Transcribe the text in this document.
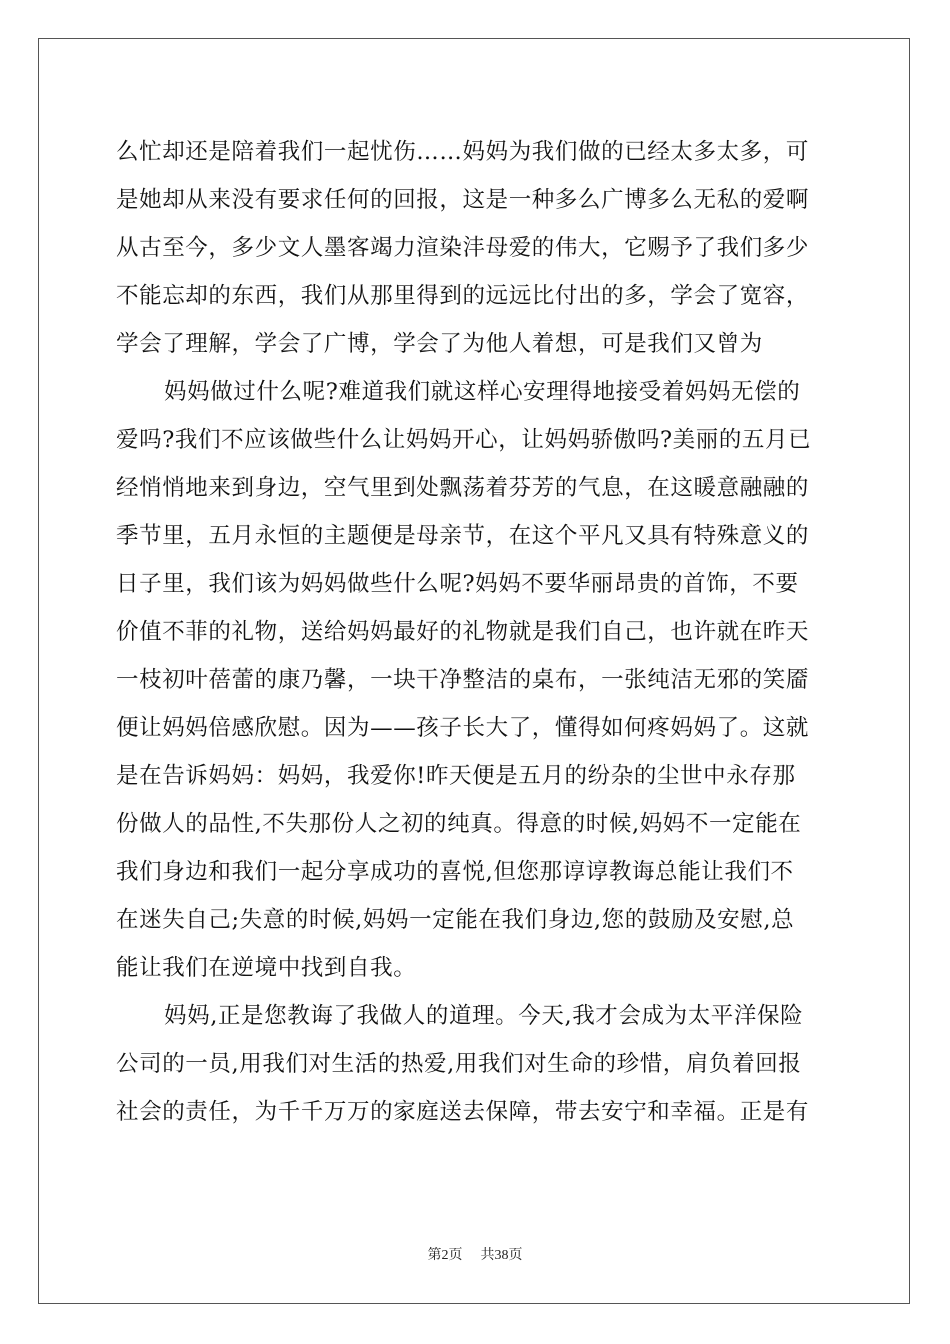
么忙却还是陪着我们一起忧伤……妈妈为我们做的已经太多太多，可
是她却从来没有要求任何的回报，这是一种多么广博多么无私的爱啊
从古至今，多少文人墨客竭力渲染沣母爱的伟大，它赐予了我们多少
不能忘却的东西，我们从那里得到的远远比付出的多，学会了宽容，
学会了理解，学会了广博，学会了为他人着想，可是我们又曾为
妈妈做过什么呢?难道我们就这样心安理得地接受着妈妈无偿的
爱吗?我们不应该做些什么让妈妈开心，让妈妈骄傲吗?美丽的五月已
经悄悄地来到身边，空气里到处飘荡着芬芳的气息，在这暖意融融的
季节里，五月永恒的主题便是母亲节，在这个平凡又具有特殊意义的
日子里，我们该为妈妈做些什么呢?妈妈不要华丽昂贵的首饰，不要
价值不菲的礼物，送给妈妈最好的礼物就是我们自己，也许就在昨天
一枝初叶蓓蕾的康乃馨，一块干净整洁的桌布，一张纯洁无邪的笑靥
便让妈妈倍感欣慰。因为——孩子长大了，懂得如何疼妈妈了。这就
是在告诉妈妈：妈妈，我爱你!昨天便是五月的纷杂的尘世中永存那
份做人的品性,不失那份人之初的纯真。得意的时候,妈妈不一定能在
我们身边和我们一起分享成功的喜悦,但您那谆谆教诲总能让我们不
在迷失自己;失意的时候,妈妈一定能在我们身边,您的鼓励及安慰,总
能让我们在逆境中找到自我。
妈妈,正是您教诲了我做人的道理。今天,我才会成为太平洋保险
公司的一员,用我们对生活的热爱,用我们对生命的珍惜，肩负着回报
社会的责任，为千千万万的家庭送去保障，带去安宁和幸福。正是有
第2页 共38页
